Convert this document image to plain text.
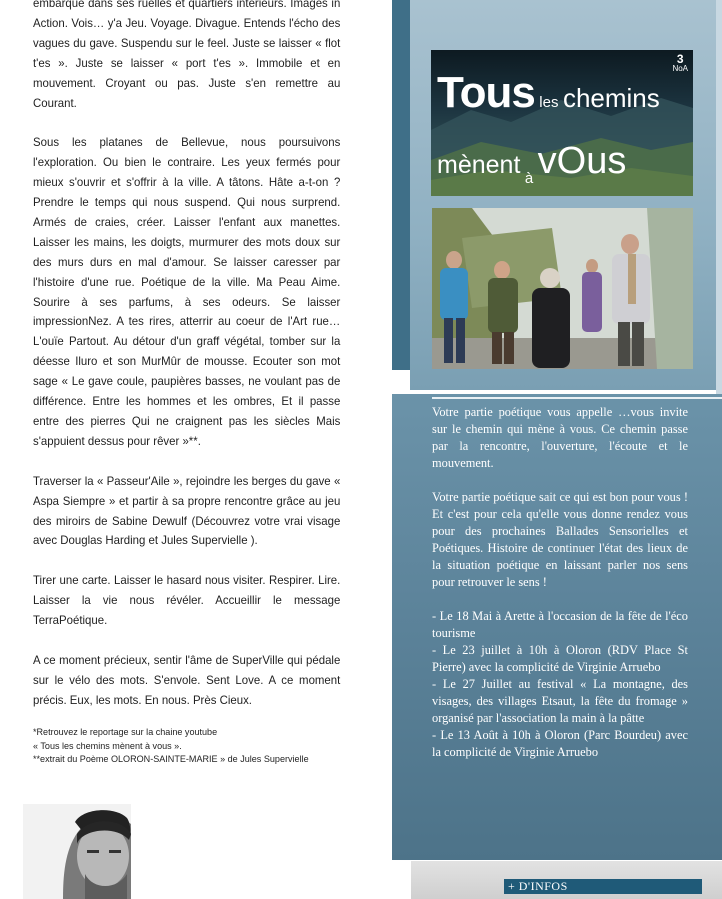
embarqué dans ses ruelles et quartiers intérieurs. Images in Action. Vois… y'a Jeu. Voyage. Divague. Entends l'écho des vagues du gave. Suspendu sur le feel. Juste se laisser « flot t'es ». Juste se laisser « port t'es ». Immobile et en mouvement. Croyant ou pas. Juste s'en remettre au Courant.

Sous les platanes de Bellevue, nous poursuivons l'exploration. Ou bien le contraire. Les yeux fermés pour mieux s'ouvrir et s'offrir à la ville. A tâtons. Hâte a-t-on ? Prendre le temps qui nous suspend. Qui nous surprend. Armés de craies, créer. Laisser l'enfant aux manettes. Laisser les mains, les doigts, murmurer des mots doux sur des murs durs en mal d'amour. Se laisser caresser par l'histoire d'une rue. Poétique de la ville. Ma Peau Aime. Sourire à ses parfums, à ses odeurs. Se laisser impressionNez. A tes rires, atterrir au coeur de l'Art rue… L'ouïe Partout. Au détour d'un graff végétal, tomber sur la déesse Iluro et son MurMûr de mousse. Ecouter son mot sage « Le gave coule, paupières basses, ne voulant pas de différence. Entre les hommes et les ombres, Et il passe entre des pierres Qui ne craignent pas les siècles Mais s'appuient dessus pour rêver »**.

Traverser la « Passeur'Aile », rejoindre les berges du gave « Aspa Siempre » et partir à sa propre rencontre grâce au jeu des miroirs de Sabine Dewulf (Découvrez votre vrai visage avec Douglas Harding et Jules Supervielle ).

Tirer une carte. Laisser le hasard nous visiter. Respirer. Lire. Laisser la vie nous révéler. Accueillir le message TerraPoétique.

A ce moment précieux, sentir l'âme de SuperVille qui pédale sur le vélo des mots. S'envole. Sent Love. A ce moment précis. Eux, les mots. En nous. Près Cieux.

*Retrouvez le reportage sur la chaine youtube
« Tous les chemins mènent à vous ».
**extrait du Poème OLORON-SAINTE-MARIE » de Jules Supervielle
3
NoA
Tous les chemins
mènent à vOus

Votre partie poétique vous appelle …vous invite sur le chemin qui mène à vous. Ce chemin passe par la rencontre, l'ouverture, l'écoute et le mouvement.

Votre partie poétique sait ce qui est bon pour vous ! Et c'est pour cela qu'elle vous donne rendez vous pour des prochaines Ballades Sensorielles et Poétiques. Histoire de continuer l'état des lieux de la situation poétique en laissant parler nos sens pour retrouver le sens !

- Le 18 Mai à Arette à l'occasion de la fête de l'éco tourisme

- Le 23 juillet à 10h à Oloron (RDV Place St Pierre) avec la complicité de Virginie Arruebo

- Le 27 Juillet au festival « La montagne, des visages, des villages Etsaut, la fête du fromage » organisé par l'association la main à la pâtte

- Le 13 Août à 10h à Oloron (Parc Bourdeu) avec la complicité de Virginie Arruebo

+ D'INFOS
